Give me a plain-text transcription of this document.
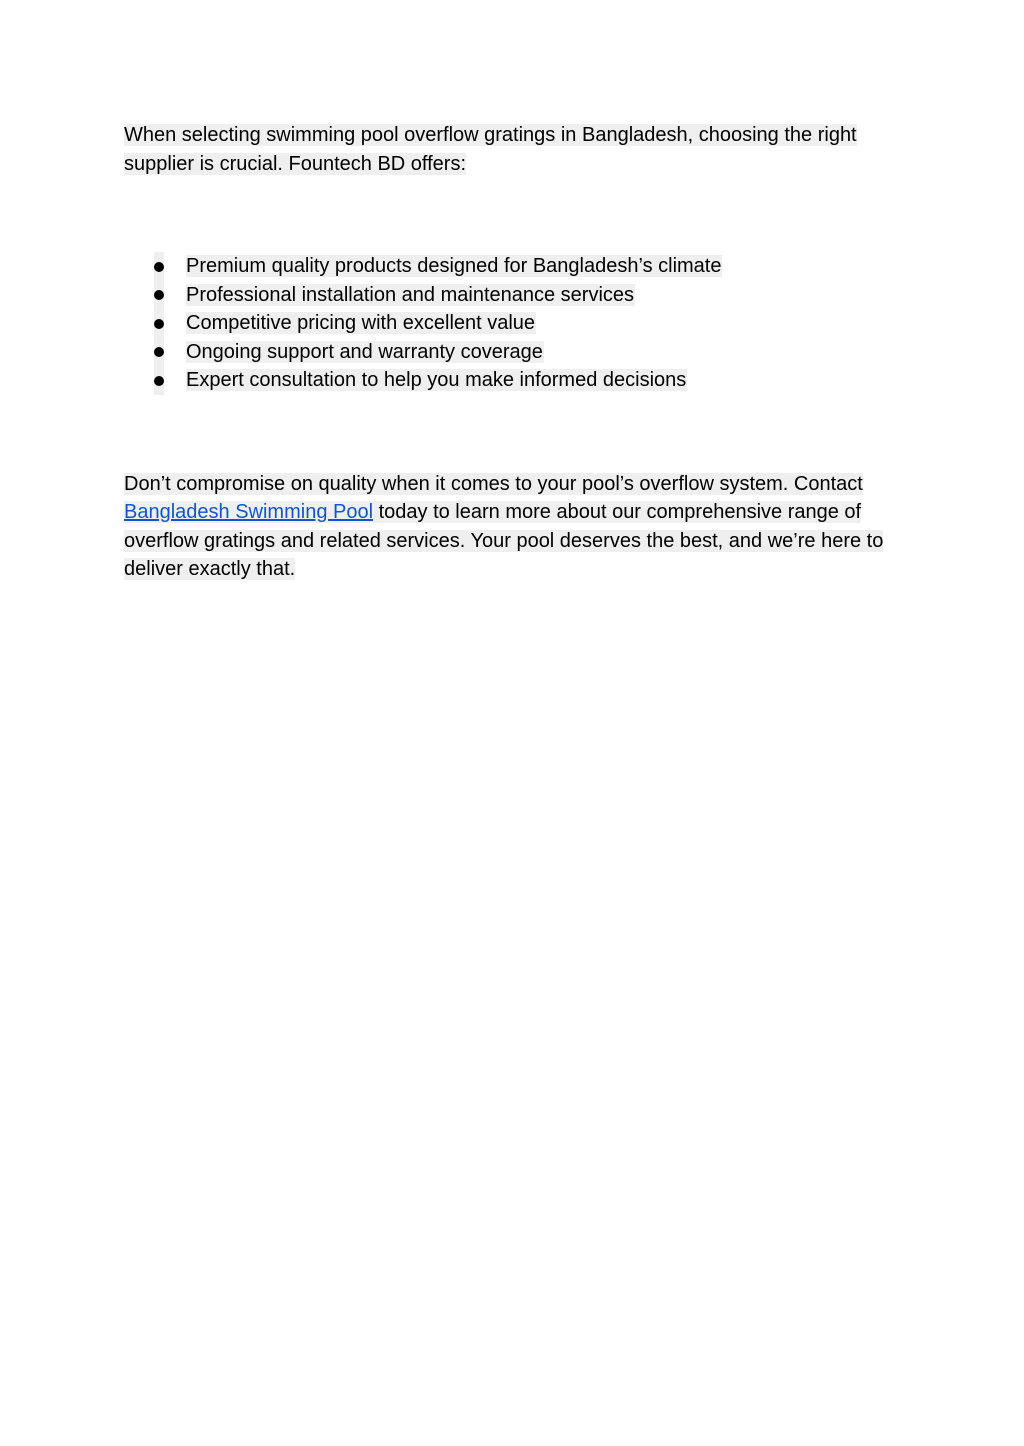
When selecting swimming pool overflow gratings in Bangladesh, choosing the right supplier is crucial. Fountech BD offers:

Premium quality products designed for Bangladesh’s climate
Professional installation and maintenance services
Competitive pricing with excellent value
Ongoing support and warranty coverage
Expert consultation to help you make informed decisions

Don’t compromise on quality when it comes to your pool’s overflow system. Contact Bangladesh Swimming Pool today to learn more about our comprehensive range of overflow gratings and related services. Your pool deserves the best, and we’re here to deliver exactly that.
